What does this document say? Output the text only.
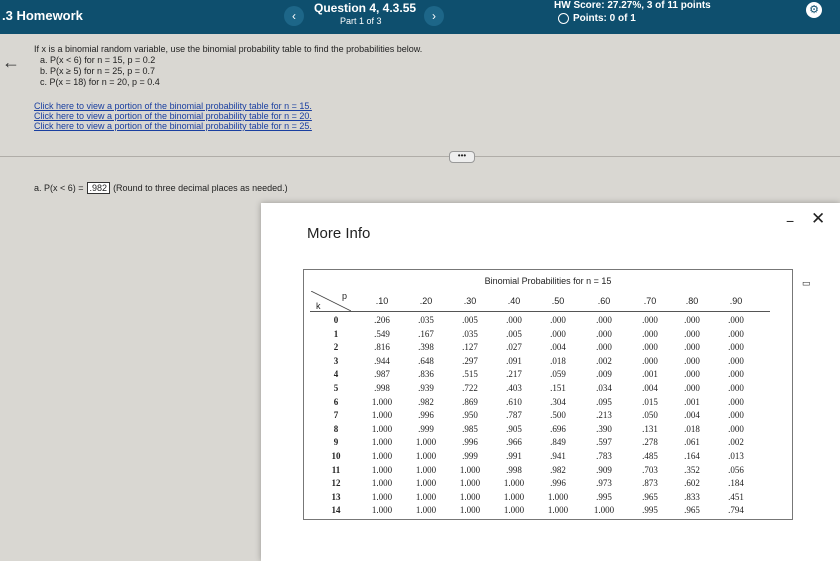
.3 Homework	‹
Question 4, 4.3.55
Part 1 of 3	›
HW Score: 27.27%, 3 of 11 points
Points: 0 of 1
⚙
←
If x is a binomial random variable, use the binomial probability table to find the probabilities below.
a. P(x < 6) for n = 15, p = 0.2
b. P(x ≥ 5) for n = 25, p = 0.7
c. P(x = 18) for n = 20, p = 0.4
Click here to view a portion of the binomial probability table for n = 15.
Click here to view a portion of the binomial probability table for n = 20.
Click here to view a portion of the binomial probability table for n = 25.
•••
a. P(x < 6) = .982 (Round to three decimal places as needed.)
More Info
− ✕
Binomial Probabilities for n = 15	▭
p
k	.10	.20	.30	.40	.50	.60	.70	.80	.90
0	.206	.035	.005	.000	.000	.000	.000	.000	.000
1	.549	.167	.035	.005	.000	.000	.000	.000	.000
2	.816	.398	.127	.027	.004	.000	.000	.000	.000
3	.944	.648	.297	.091	.018	.002	.000	.000	.000
4	.987	.836	.515	.217	.059	.009	.001	.000	.000
5	.998	.939	.722	.403	.151	.034	.004	.000	.000
6	1.000	.982	.869	.610	.304	.095	.015	.001	.000
7	1.000	.996	.950	.787	.500	.213	.050	.004	.000
8	1.000	.999	.985	.905	.696	.390	.131	.018	.000
9	1.000	1.000	.996	.966	.849	.597	.278	.061	.002
10	1.000	1.000	.999	.991	.941	.783	.485	.164	.013
11	1.000	1.000	1.000	.998	.982	.909	.703	.352	.056
12	1.000	1.000	1.000	1.000	.996	.973	.873	.602	.184
13	1.000	1.000	1.000	1.000	1.000	.995	.965	.833	.451
14	1.000	1.000	1.000	1.000	1.000	1.000	.995	.965	.794
